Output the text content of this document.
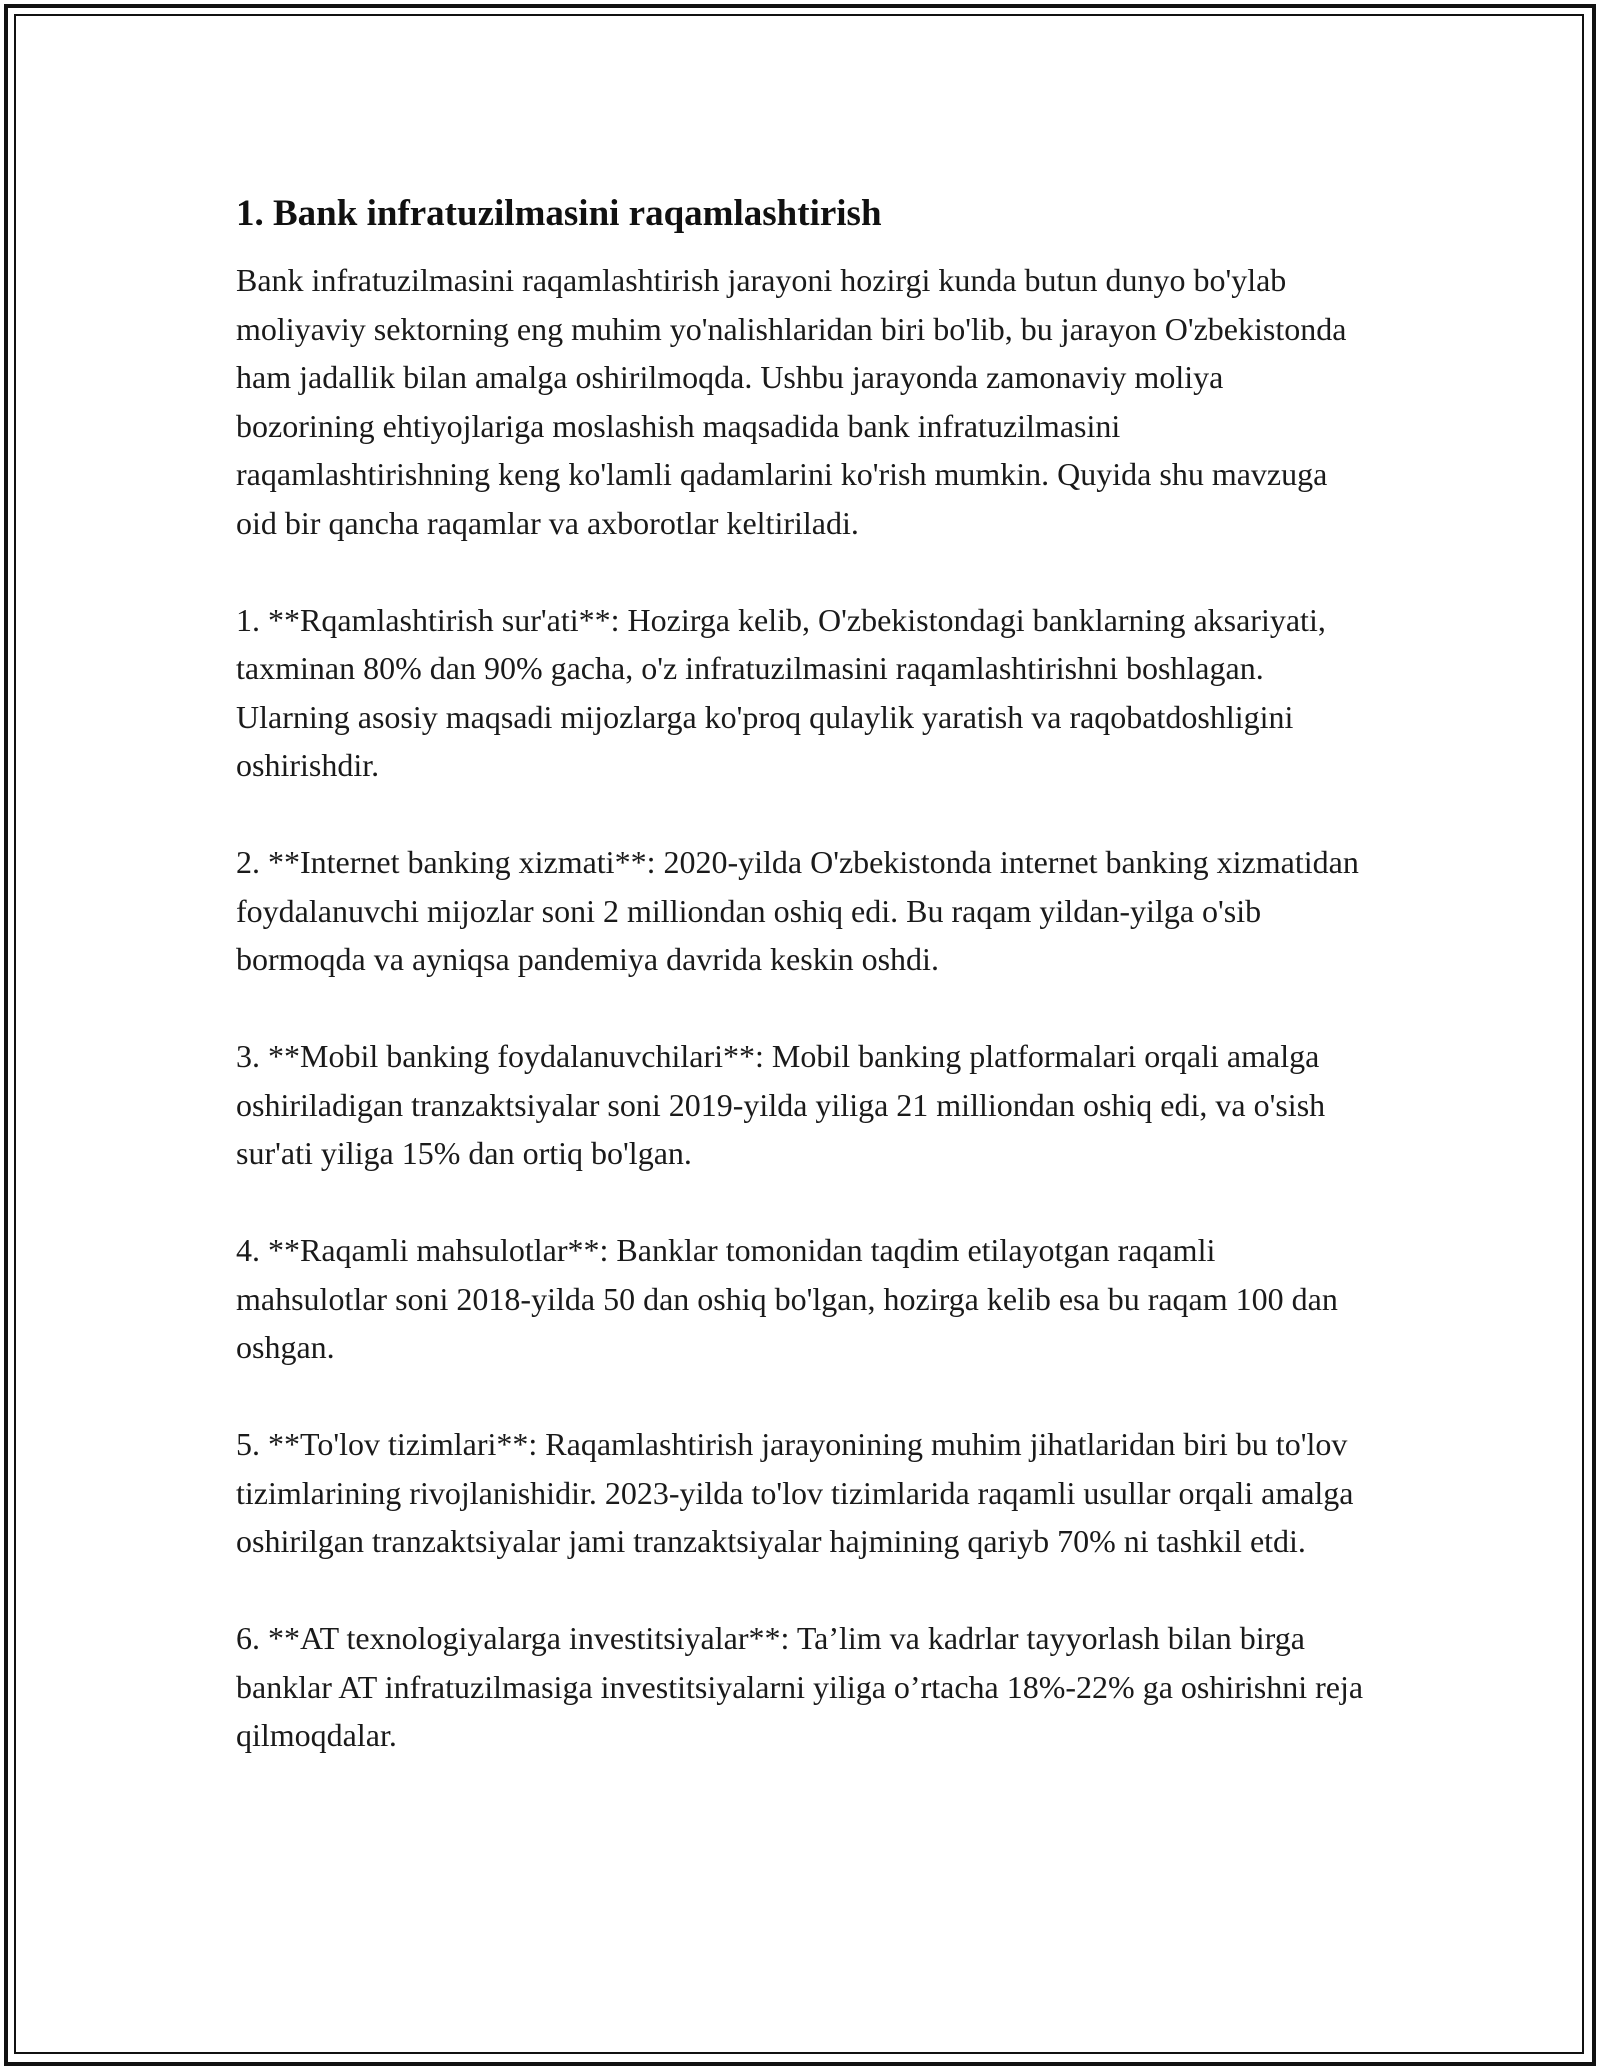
1. Bank infratuzilmasini raqamlashtirish

Bank infratuzilmasini raqamlashtirish jarayoni hozirgi kunda butun dunyo bo'ylab moliyaviy sektorning eng muhim yo'nalishlaridan biri bo'lib, bu jarayon O'zbekistonda ham jadallik bilan amalga oshirilmoqda. Ushbu jarayonda zamonaviy moliya bozorining ehtiyojlariga moslashish maqsadida bank infratuzilmasini raqamlashtirishning keng ko'lamli qadamlarini ko'rish mumkin. Quyida shu mavzuga oid bir qancha raqamlar va axborotlar keltiriladi.

1. **Rqamlashtirish sur'ati**: Hozirga kelib, O'zbekistondagi banklarning aksariyati, taxminan 80% dan 90% gacha, o'z infratuzilmasini raqamlashtirishni boshlagan. Ularning asosiy maqsadi mijozlarga ko'proq qulaylik yaratish va raqobatdoshligini oshirishdir.

2. **Internet banking xizmati**: 2020-yilda O'zbekistonda internet banking xizmatidan foydalanuvchi mijozlar soni 2 milliondan oshiq edi. Bu raqam yildan-yilga o'sib bormoqda va ayniqsa pandemiya davrida keskin oshdi.

3. **Mobil banking foydalanuvchilari**: Mobil banking platformalari orqali amalga oshiriladigan tranzaktsiyalar soni 2019-yilda yiliga 21 milliondan oshiq edi, va o'sish sur'ati yiliga 15% dan ortiq bo'lgan.

4. **Raqamli mahsulotlar**: Banklar tomonidan taqdim etilayotgan raqamli mahsulotlar soni 2018-yilda 50 dan oshiq bo'lgan, hozirga kelib esa bu raqam 100 dan oshgan.

5. **To'lov tizimlari**: Raqamlashtirish jarayonining muhim jihatlaridan biri bu to'lov tizimlarining rivojlanishidir. 2023-yilda to'lov tizimlarida raqamli usullar orqali amalga oshirilgan tranzaktsiyalar jami tranzaktsiyalar hajmining qariyb 70% ni tashkil etdi.

6. **AT texnologiyalarga investitsiyalar**: Ta’lim va kadrlar tayyorlash bilan birga banklar AT infratuzilmasiga investitsiyalarni yiliga o’rtacha 18%-22% ga oshirishni reja qilmoqdalar.
